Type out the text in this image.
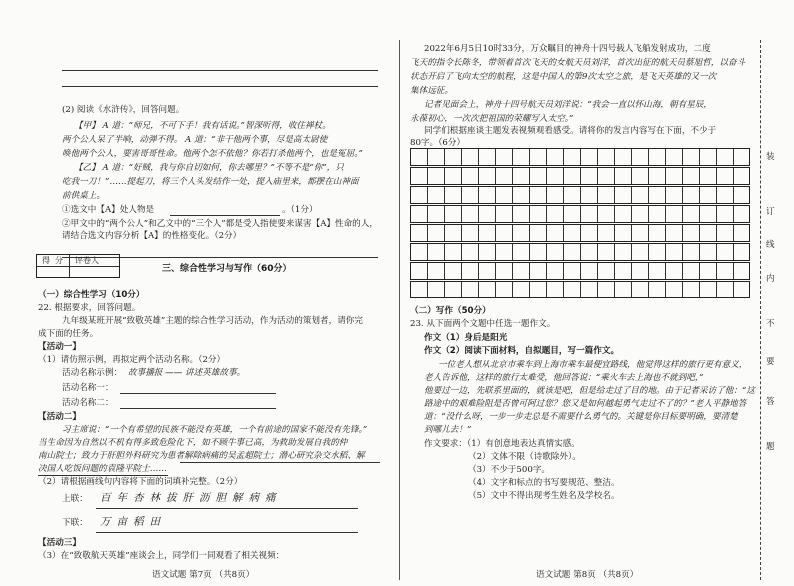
(2) 阅读《水浒传》，回答问题。
【甲】 A 道：“师兄，不可下手！我有话说。”智深听得，收住禅杖。
两个公人呆了半响，动弹不得。 A 道：“非干他两个事，尽是高太尉使
唤他两个公人，要害哥哥性命。他两个怎不依他？你若打杀他两个，也是冤屈。”
【乙】 A 道：“好贼，我与你自切如何，你去哪里？”不等不是“你”，只
吃我一刀！”……提起刀，将三个人头发结作一处，提入庙里来，都摆在山神面
前供桌上。
①选文中【A】处人物是	。（1分）
②甲文中的“两个公人”和乙文中的“三个人”都是受人指使要来谋害【A】性命的人，
请结合选文内容分析【A】的性格变化。（2分）
得 分 评卷人
三、综合性学习与写作（60分）
（一）综合性学习（10分）
22. 根据要求，回答问题。
九年级某班开展“致敬英雄”主题的综合性学习活动，作为活动的策划者，请你完
成下面的任务。
【活动一】
（1）请仿照示例，再拟定两个活动名称。（2分）
活动名称示例： 故事播报 —— 讲述英雄故事。
活动名称一：
活动名称二：
【活动二】
习主席说：“一个有希望的民族不能没有英雄，一个有前途的国家不能没有先锋。”
当生命因为自然以不机有得多致危险化下，如不顾牛事已高，为救助发展自我的仲
南山院士；致力于肝胆外科研究为患者解除病痛的吴孟超院士；潜心研究杂交水稻、解
决国人吃饭问题的袁隆平院士……
（2）请根据画线句内容将下面的词填补完整。（2分）
上联： 百年杏林拔肝沥胆解病痛
下联： 万亩稻田
【活动三】
（3）在“致敬航天英雄”座谈会上，同学们一同观看了相关视频：
语文试题 第7页 （共8页）
2022年6月5日10时33分，万众瞩目的神舟十四号载人飞船发射成功，二度
飞天的指令长陈冬，带领着首次飞天的女航天员刘洋，首次出征的航天员蔡旭哲，以奋斗
状态开启了飞向太空的航程，这是中国人的第9次太空之旅，是飞天英雄的又一次
集体远征。
记者见面会上，神舟十四号航天员刘洋说：“我会一直以怀山海，朝有星辰，
永葆初心，一次次把祖国的荣耀写入太空。”
同学们根据座谈主题发表视频观看感受。请将你的发言内容写在下面，不少于
80字。（6分）
（二）写作（50分）
23. 从下面两个文题中任选一题作文。
作文（1）身后是阳光
作文（2）阅读下面材料，自拟题目，写一篇作文。
一位老人想从北京市乘车到上海市乘车最便宜路线，他觉得这样的旅行更有意义，
老人告诉他，这样的旅行太难受，他回答说：“乘火车去上海也不就到吧，”
他要过一边，先联系里面的，就该是吧，但是给走过了目的地。由于记者采访了他：“这
路途中的艰难险阻是否曾可阿过您？您又是如何越起勇气走过不了的？”老人平静地答
道：“没什么呀，一步一步走总是不需要什么勇气的。关键是你目标要明确，要清楚
到哪儿去！”
作文要求：（1）有创意地表达真情实感。
（2）文体不限（诗歌除外）。
（3）不少于500字。
（4）文字和标点的书写要规范、整洁。
（5）文中不得出现考生姓名及学校名。
语文试题 第8页 （共8页）
装
订
线
内
不
要
答
题
